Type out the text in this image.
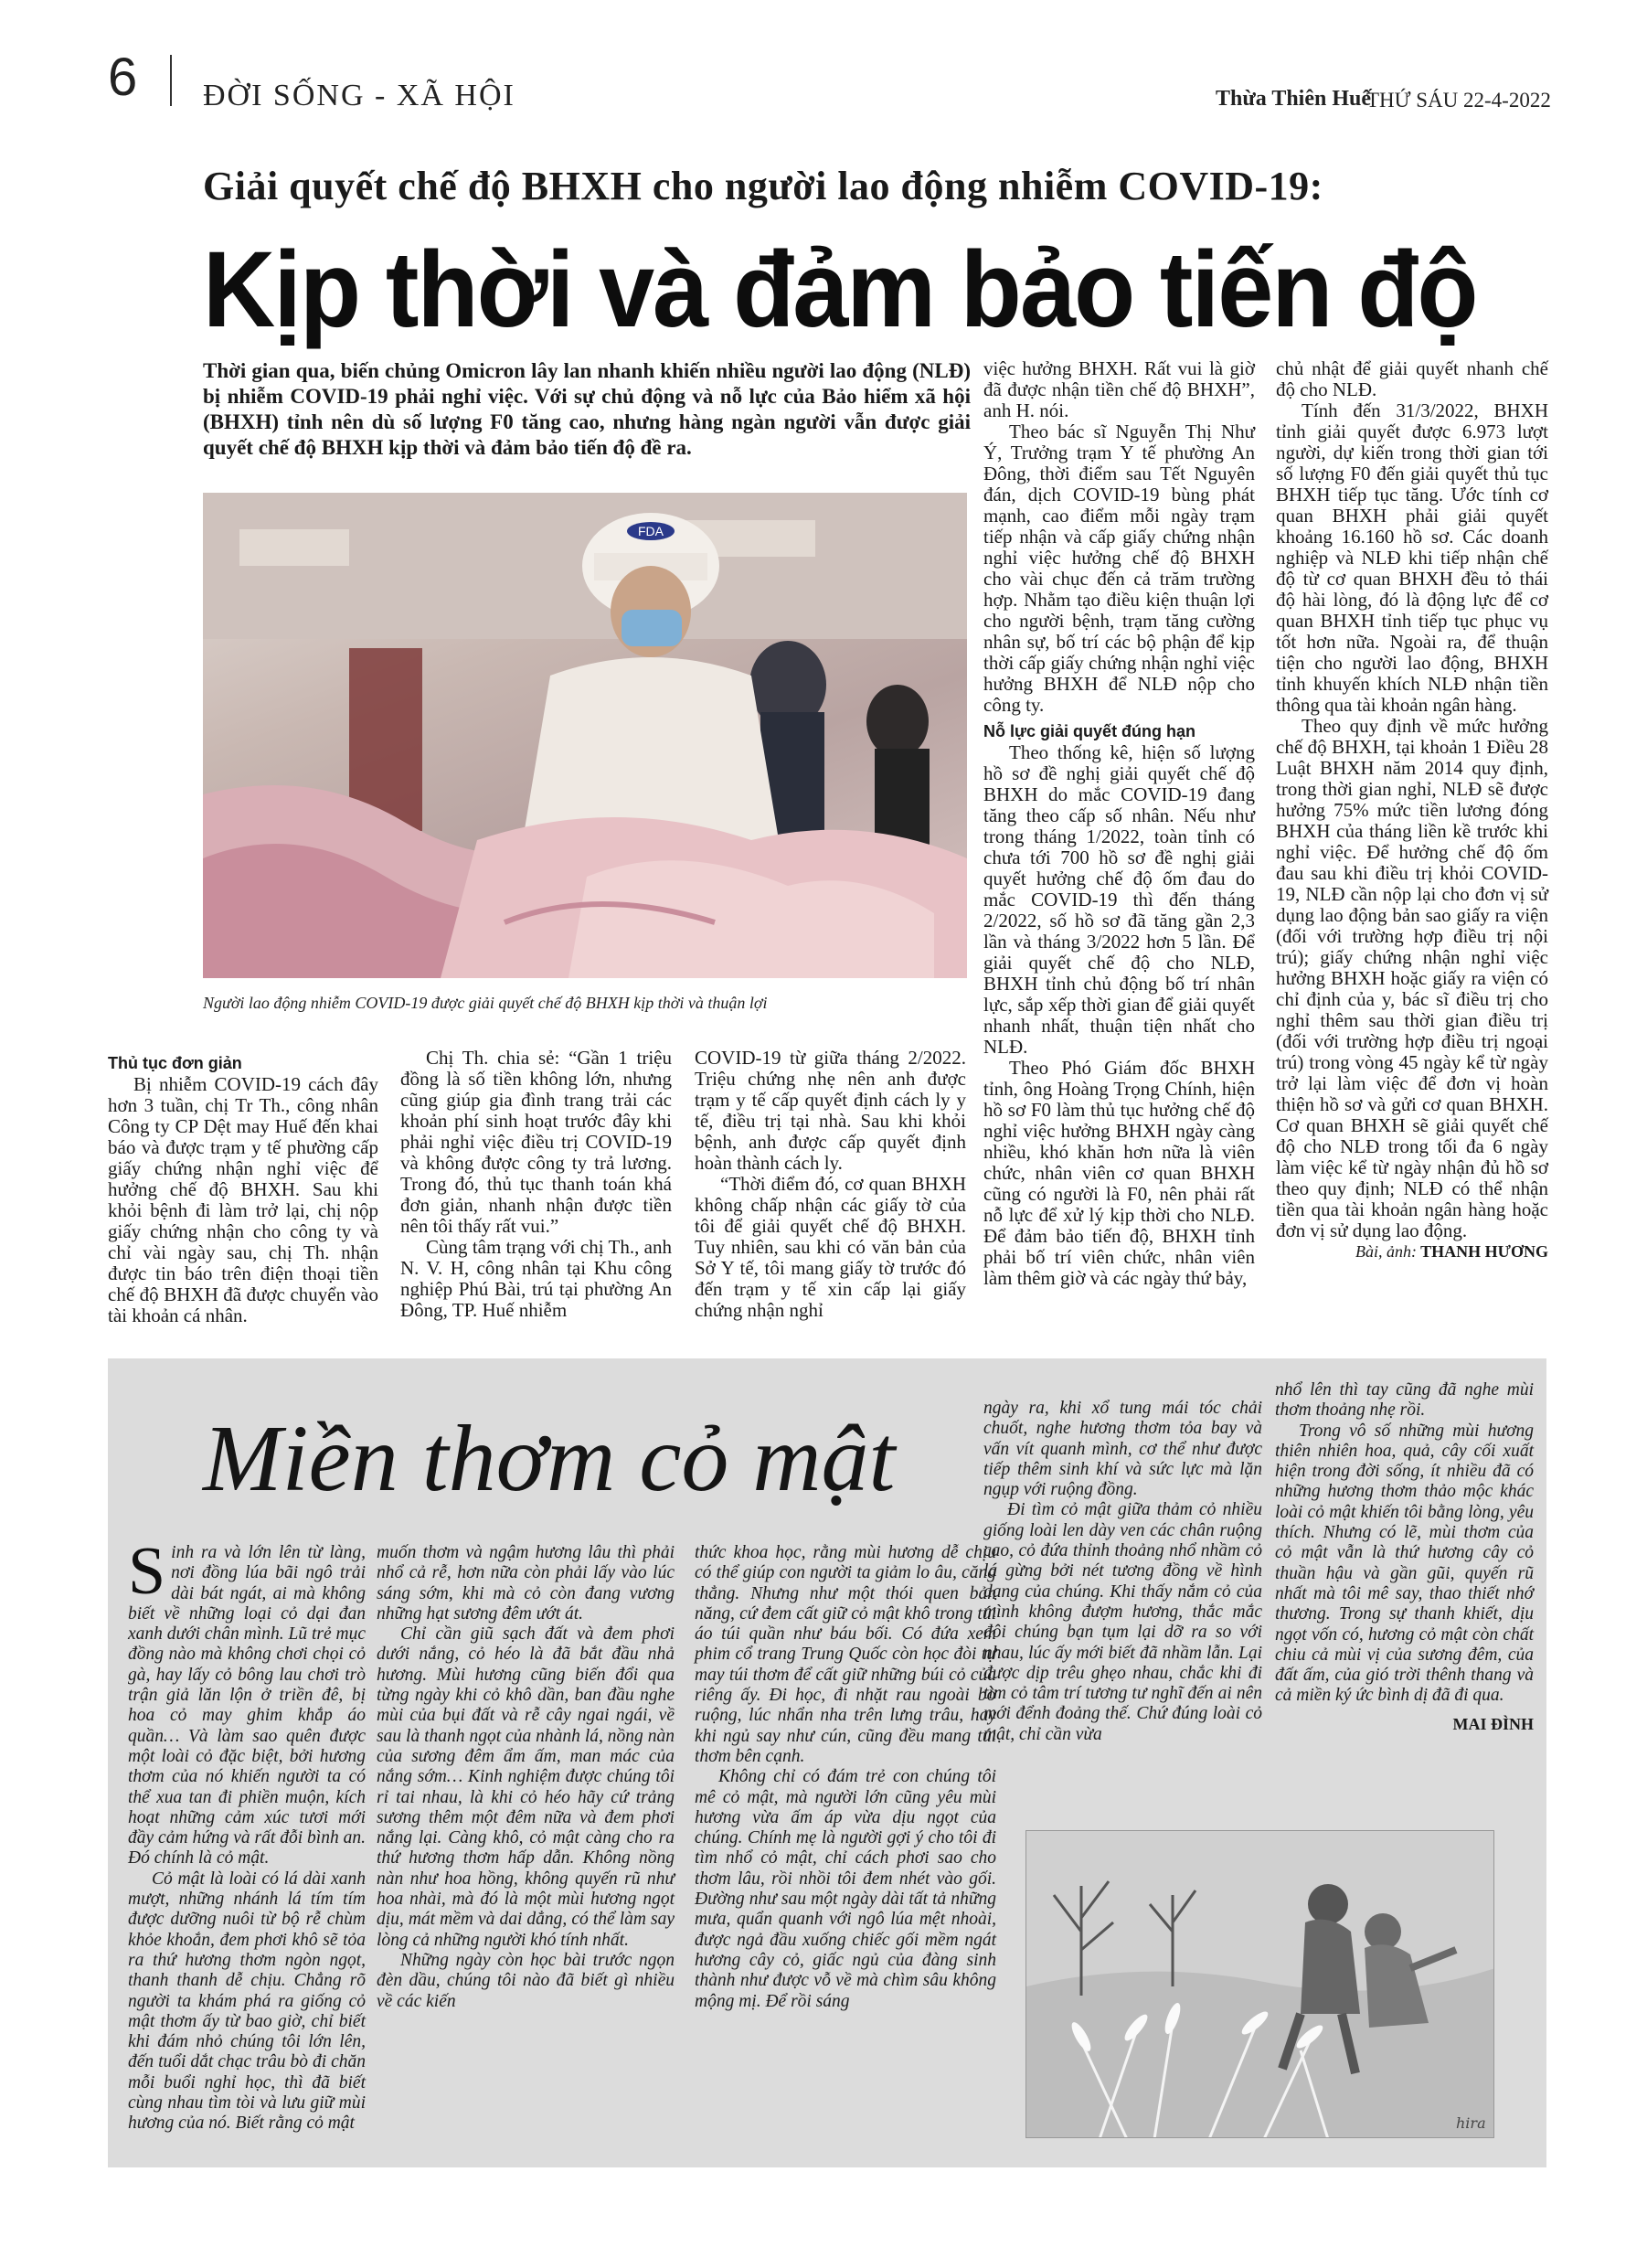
6 ĐỜI SỐNG - XÃ HỘI	Thừa Thiên Huế
THỨ SÁU 22-4-2022
Giải quyết chế độ BHXH cho người lao động nhiễm COVID-19:
Kịp thời và đảm bảo tiến độ
Thời gian qua, biến chủng Omicron lây lan nhanh khiến nhiều người lao động (NLĐ) bị nhiễm COVID-19 phải nghỉ việc. Với sự chủ động và nỗ lực của Bảo hiểm xã hội (BHXH) tỉnh nên dù số lượng F0 tăng cao, nhưng hàng ngàn người vẫn được giải quyết chế độ BHXH kịp thời và đảm bảo tiến độ đề ra.
FDA
Người lao động nhiễm COVID-19 được giải quyết chế độ BHXH kịp thời và thuận lợi

Thủ tục đơn giản

Bị nhiễm COVID-19 cách đây hơn 3 tuần, chị Tr Th., công nhân Công ty CP Dệt may Huế đến khai báo và được trạm y tế phường cấp giấy chứng nhận nghỉ việc để hưởng chế độ BHXH. Sau khi khỏi bệnh đi làm trở lại, chị nộp giấy chứng nhận cho công ty và chỉ vài ngày sau, chị Th. nhận được tin báo trên điện thoại tiền chế độ BHXH đã được chuyển vào tài khoản cá nhân.

Chị Th. chia sẻ: “Gần 1 triệu đồng là số tiền không lớn, nhưng cũng giúp gia đình trang trải các khoản phí sinh hoạt trước đây khi phải nghỉ việc điều trị COVID-19 và không được công ty trả lương. Trong đó, thủ tục thanh toán khá đơn giản, nhanh nhận được tiền nên tôi thấy rất vui.”

Cùng tâm trạng với chị Th., anh N. V. H, công nhân tại Khu công nghiệp Phú Bài, trú tại phường An Đông, TP. Huế nhiễm

COVID-19 từ giữa tháng 2/2022. Triệu chứng nhẹ nên anh được trạm y tế cấp quyết định cách ly y tế, điều trị tại nhà. Sau khi khỏi bệnh, anh được cấp quyết định hoàn thành cách ly.

“Thời điểm đó, cơ quan BHXH không chấp nhận các giấy tờ của tôi để giải quyết chế độ BHXH. Tuy nhiên, sau khi có văn bản của Sở Y tế, tôi mang giấy tờ trước đó đến trạm y tế xin cấp lại giấy chứng nhận nghỉ

việc hưởng BHXH. Rất vui là giờ đã được nhận tiền chế độ BHXH”, anh H. nói.

Theo bác sĩ Nguyễn Thị Như Ý, Trưởng trạm Y tế phường An Đông, thời điểm sau Tết Nguyên đán, dịch COVID-19 bùng phát mạnh, cao điểm mỗi ngày trạm tiếp nhận và cấp giấy chứng nhận nghỉ việc hưởng chế độ BHXH cho vài chục đến cả trăm trường hợp. Nhằm tạo điều kiện thuận lợi cho người bệnh, trạm tăng cường nhân sự, bố trí các bộ phận để kịp thời cấp giấy chứng nhận nghỉ việc hưởng BHXH để NLĐ nộp cho công ty.

Nỗ lực giải quyết đúng hạn

Theo thống kê, hiện số lượng hồ sơ đề nghị giải quyết chế độ BHXH do mắc COVID-19 đang tăng theo cấp số nhân. Nếu như trong tháng 1/2022, toàn tỉnh có chưa tới 700 hồ sơ đề nghị giải quyết hưởng chế độ ốm đau do mắc COVID-19 thì đến tháng 2/2022, số hồ sơ đã tăng gần 2,3 lần và tháng 3/2022 hơn 5 lần. Để giải quyết chế độ cho NLĐ, BHXH tỉnh chủ động bố trí nhân lực, sắp xếp thời gian để giải quyết nhanh nhất, thuận tiện nhất cho NLĐ.

Theo Phó Giám đốc BHXH tỉnh, ông Hoàng Trọng Chính, hiện hồ sơ F0 làm thủ tục hưởng chế độ nghỉ việc hưởng BHXH ngày càng nhiều, khó khăn hơn nữa là viên chức, nhân viên cơ quan BHXH cũng có người là F0, nên phải rất nỗ lực để xử lý kịp thời cho NLĐ. Để đảm bảo tiến độ, BHXH tỉnh phải bố trí viên chức, nhân viên làm thêm giờ và các ngày thứ bảy,

chủ nhật để giải quyết nhanh chế độ cho NLĐ.

Tính đến 31/3/2022, BHXH tỉnh giải quyết được 6.973 lượt người, dự kiến trong thời gian tới số lượng F0 đến giải quyết thủ tục BHXH tiếp tục tăng. Ước tính cơ quan BHXH phải giải quyết khoảng 16.160 hồ sơ. Các doanh nghiệp và NLĐ khi tiếp nhận chế độ từ cơ quan BHXH đều tỏ thái độ hài lòng, đó là động lực để cơ quan BHXH tỉnh tiếp tục phục vụ tốt hơn nữa. Ngoài ra, để thuận tiện cho người lao động, BHXH tỉnh khuyến khích NLĐ nhận tiền thông qua tài khoản ngân hàng.

Theo quy định về mức hưởng chế độ BHXH, tại khoản 1 Điều 28 Luật BHXH năm 2014 quy định, trong thời gian nghỉ, NLĐ sẽ được hưởng 75% mức tiền lương đóng BHXH của tháng liền kề trước khi nghỉ việc. Để hưởng chế độ ốm đau sau khi điều trị khỏi COVID-19, NLĐ cần nộp lại cho đơn vị sử dụng lao động bản sao giấy ra viện (đối với trường hợp điều trị nội trú); giấy chứng nhận nghỉ việc hưởng BHXH hoặc giấy ra viện có chỉ định của y, bác sĩ điều trị cho nghỉ thêm sau thời gian điều trị (đối với trường hợp điều trị ngoại trú) trong vòng 45 ngày kể từ ngày trở lại làm việc để đơn vị hoàn thiện hồ sơ và gửi cơ quan BHXH. Cơ quan BHXH sẽ giải quyết chế độ cho NLĐ trong tối đa 6 ngày làm việc kể từ ngày nhận đủ hồ sơ theo quy định; NLĐ có thể nhận tiền qua tài khoản ngân hàng hoặc đơn vị sử dụng lao động.

Bài, ảnh: THANH HƯƠNG

Miền thơm cỏ mật

Sinh ra và lớn lên từ làng, nơi đồng lúa bãi ngô trải dài bát ngát, ai mà không biết về những loại cỏ dại đan xanh dưới chân mình. Lũ trẻ mục đồng nào mà không chơi chọi cỏ gà, hay lấy cỏ bông lau chơi trò trận giả lăn lộn ở triền đê, bị hoa cỏ may ghim khắp áo quần… Và làm sao quên được một loài cỏ đặc biệt, bởi hương thơm của nó khiến người ta có thể xua tan đi phiền muộn, kích hoạt những cảm xúc tươi mới đầy cảm hứng và rất đỗi bình an. Đó chính là cỏ mật.

Cỏ mật là loài có lá dài xanh mượt, những nhánh lá tím tím được dưỡng nuôi từ bộ rễ chùm khỏe khoắn, đem phơi khô sẽ tỏa ra thứ hương thơm ngòn ngọt, thanh thanh dễ chịu. Chẳng rõ người ta khám phá ra giống cỏ mật thơm ấy từ bao giờ, chỉ biết khi đám nhỏ chúng tôi lớn lên, đến tuổi dắt chạc trâu bò đi chăn mỗi buổi nghỉ học, thì đã biết cùng nhau tìm tòi và lưu giữ mùi hương của nó. Biết rằng cỏ mật

muốn thơm và ngậm hương lâu thì phải nhổ cả rễ, hơn nữa còn phải lấy vào lúc sáng sớm, khi mà cỏ còn đang vương những hạt sương đêm ướt át.

Chỉ cần giũ sạch đất và đem phơi dưới nắng, cỏ héo là đã bắt đầu nhả hương. Mùi hương cũng biến đổi qua từng ngày khi cỏ khô dần, ban đầu nghe mùi của bụi đất và rễ cây ngai ngái, về sau là thanh ngọt của nhành lá, nồng nàn của sương đêm ẩm ấm, man mác của nắng sớm… Kinh nghiệm được chúng tôi rỉ tai nhau, là khi cỏ héo hãy cứ trảng sương thêm một đêm nữa và đem phơi nắng lại. Càng khô, cỏ mật càng cho ra thứ hương thơm hấp dẫn. Không nồng nàn như hoa hồng, không quyến rũ như hoa nhài, mà đó là một mùi hương ngọt dịu, mát mềm và dai dẳng, có thể làm say lòng cả những người khó tính nhất.

Những ngày còn học bài trước ngọn đèn dầu, chúng tôi nào đã biết gì nhiều về các kiến

thức khoa học, rằng mùi hương dễ chịu có thể giúp con người ta giảm lo âu, căng thẳng. Nhưng như một thói quen bản năng, cứ đem cất giữ cỏ mật khô trong túi áo túi quần như báu bối. Có đứa xem phim cổ trang Trung Quốc còn học đòi tự may túi thơm để cất giữ những búi cỏ của riêng ấy. Đi học, đi nhặt rau ngoài bờ ruộng, lúc nhẩn nha trên lưng trâu, hay khi ngủ say như cún, cũng đều mang túi thơm bên cạnh.

Không chỉ có đám trẻ con chúng tôi mê cỏ mật, mà người lớn cũng yêu mùi hương vừa ấm áp vừa dịu ngọt của chúng. Chính mẹ là người gợi ý cho tôi đi tìm nhổ cỏ mật, chỉ cách phơi sao cho thơm lâu, rồi nhồi tôi đem nhét vào gối. Đường như sau một ngày dài tất tả những mưa, quẩn quanh với ngô lúa mệt nhoài, được ngả đầu xuống chiếc gối mềm ngát hương cây cỏ, giấc ngủ của đàng sinh thành như được vỗ về mà chìm sâu không mộng mị. Để rồi sáng

ngày ra, khi xổ tung mái tóc chải chuốt, nghe hương thơm tỏa bay và vấn vít quanh mình, cơ thể như được tiếp thêm sinh khí và sức lực mà lặn ngụp với ruộng đồng.

Đi tìm cỏ mật giữa thảm cỏ nhiều giống loài len dày ven các chân ruộng cao, cỏ đứa thỉnh thoảng nhổ nhầm cỏ lá gừng bởi nét tương đồng về hình dạng của chúng. Khi thấy nắm cỏ của mình không đượm hương, thắc mắc đôi chúng bạn tụm lại dỡ ra so với nhau, lúc ấy mới biết đã nhầm lẫn. Lại được dịp trêu ghẹo nhau, chắc khi đi tìm cỏ tâm trí tương tư nghĩ đến ai nên mới đểnh đoảng thế. Chứ đúng loài cỏ mật, chỉ cần vừa

nhổ lên thì tay cũng đã nghe mùi thơm thoảng nhẹ rồi.

Trong vô số những mùi hương thiên nhiên hoa, quả, cây cối xuất hiện trong đời sống, ít nhiều đã có những hương thơm thảo mộc khác loài cỏ mật khiến tôi bằng lòng, yêu thích. Nhưng có lẽ, mùi thơm của cỏ mật vẫn là thứ hương cây cỏ thuần hậu và gần gũi, quyến rũ nhất mà tôi mê say, thao thiết nhớ thương. Trong sự thanh khiết, dịu ngọt vốn có, hương cỏ mật còn chất chiu cả mùi vị của sương đêm, của đất ấm, của gió trời thênh thang và cả miền ký ức bình dị đã đi qua.

MAI ĐÌNH

hira
